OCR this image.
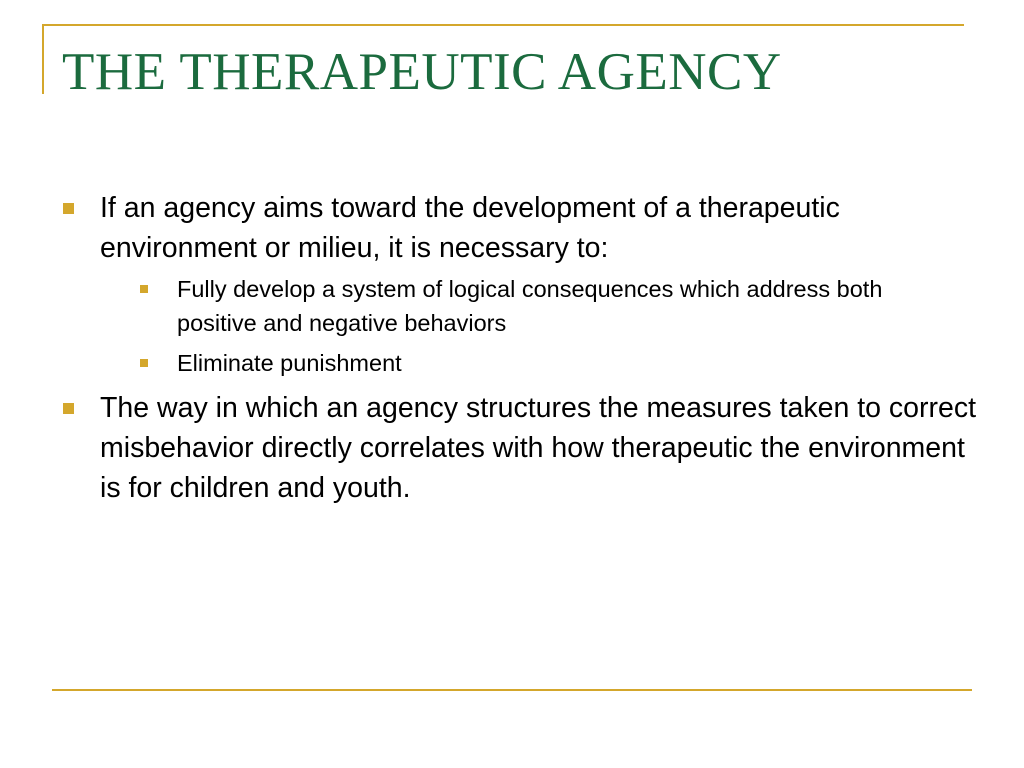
THE THERAPEUTIC AGENCY
If an agency aims toward the development of a therapeutic environment or milieu, it is necessary to:
Fully develop a system of logical consequences which address both positive and negative behaviors
Eliminate punishment
The way in which an agency structures the measures taken to correct misbehavior directly correlates with how therapeutic the environment is for children and youth.
